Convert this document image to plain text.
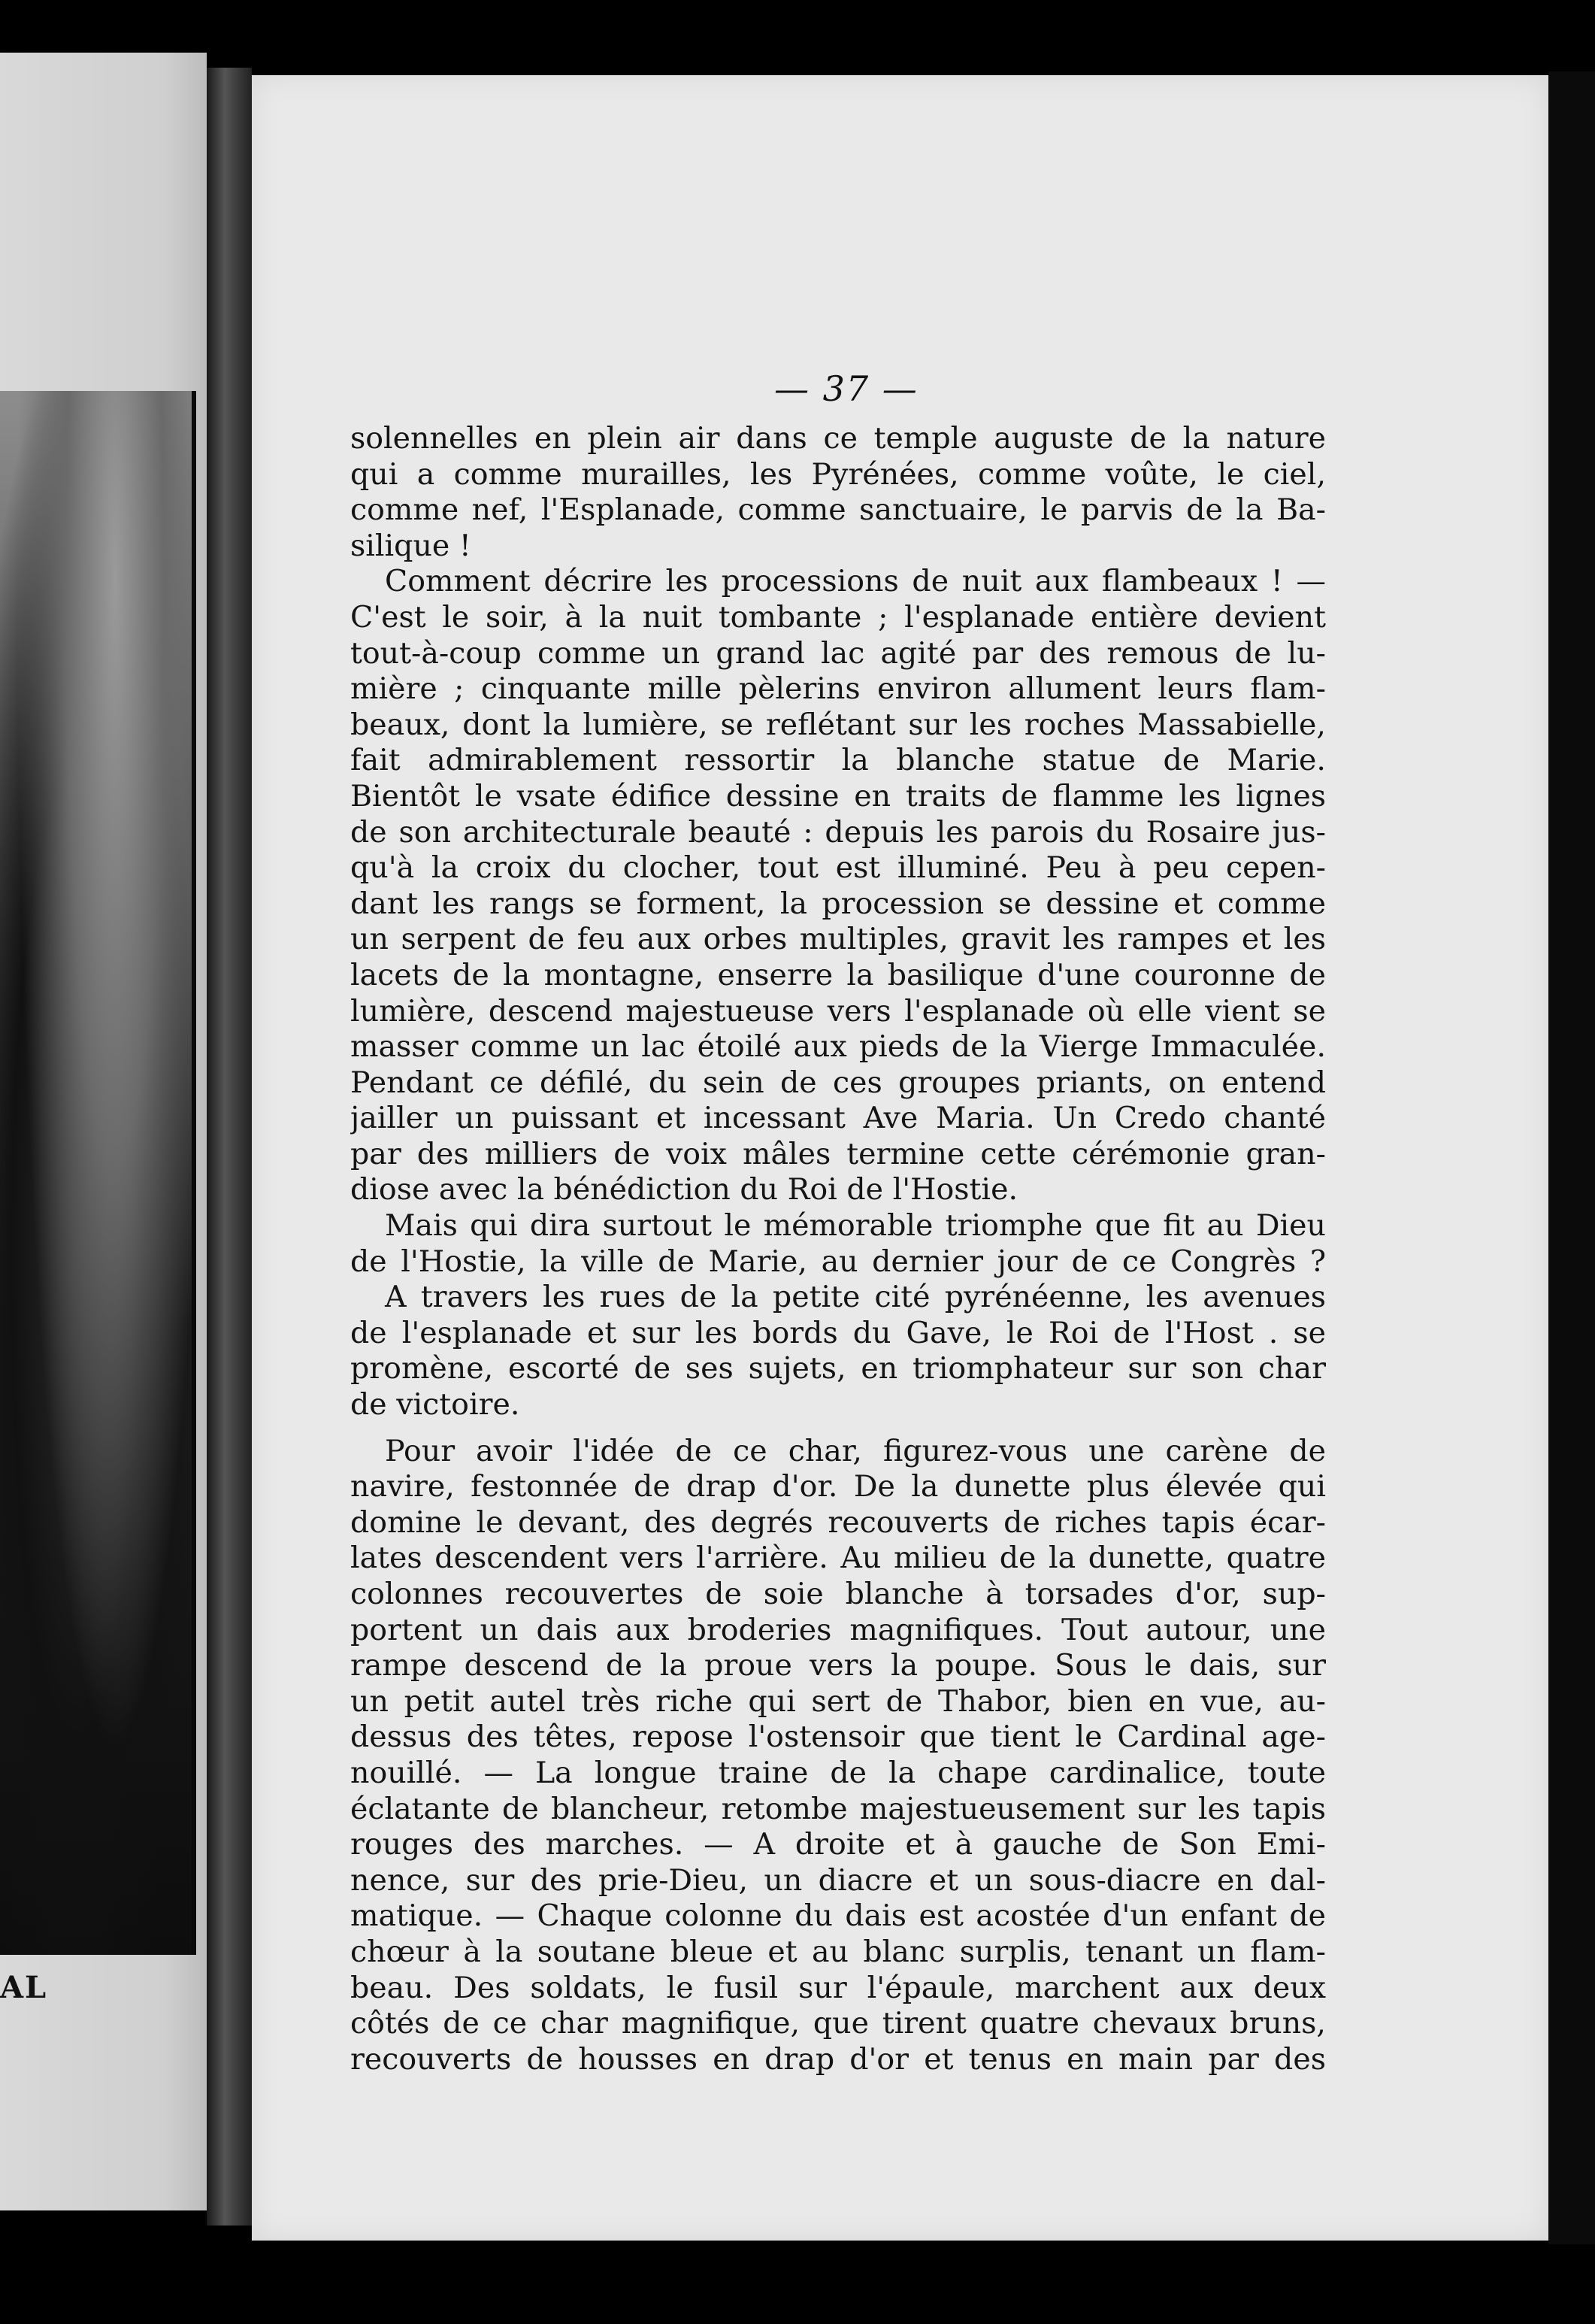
AL
— 37 —
solennelles en plein air dans ce temple auguste de la nature
qui a comme murailles, les Pyrénées, comme voûte, le ciel,
comme nef, l'Esplanade, comme sanctuaire, le parvis de la Ba-
silique !
Comment décrire les processions de nuit aux flambeaux ! —
C'est le soir, à la nuit tombante ; l'esplanade entière devient
tout-à-coup comme un grand lac agité par des remous de lu-
mière ; cinquante mille pèlerins environ allument leurs flam-
beaux, dont la lumière, se reflétant sur les roches Massabielle,
fait admirablement ressortir la blanche statue de Marie.
Bientôt le vsate édifice dessine en traits de flamme les lignes
de son architecturale beauté : depuis les parois du Rosaire jus-
qu'à la croix du clocher, tout est illuminé. Peu à peu cepen-
dant les rangs se forment, la procession se dessine et comme
un serpent de feu aux orbes multiples, gravit les rampes et les
lacets de la montagne, enserre la basilique d'une couronne de
lumière, descend majestueuse vers l'esplanade où elle vient se
masser comme un lac étoilé aux pieds de la Vierge Immaculée.
Pendant ce défilé, du sein de ces groupes priants, on entend
jailler un puissant et incessant Ave Maria. Un Credo chanté
par des milliers de voix mâles termine cette cérémonie gran-
diose avec la bénédiction du Roi de l'Hostie.
Mais qui dira surtout le mémorable triomphe que fit au Dieu
de l'Hostie, la ville de Marie, au dernier jour de ce Congrès ?
A travers les rues de la petite cité pyrénéenne, les avenues
de l'esplanade et sur les bords du Gave, le Roi de l'Host . se
promène, escorté de ses sujets, en triomphateur sur son char
de victoire.
Pour avoir l'idée de ce char, figurez-vous une carène de
navire, festonnée de drap d'or. De la dunette plus élevée qui
domine le devant, des degrés recouverts de riches tapis écar-
lates descendent vers l'arrière. Au milieu de la dunette, quatre
colonnes recouvertes de soie blanche à torsades d'or, sup-
portent un dais aux broderies magnifiques. Tout autour, une
rampe descend de la proue vers la poupe. Sous le dais, sur
un petit autel très riche qui sert de Thabor, bien en vue, au-
dessus des têtes, repose l'ostensoir que tient le Cardinal age-
nouillé. — La longue traine de la chape cardinalice, toute
éclatante de blancheur, retombe majestueusement sur les tapis
rouges des marches. — A droite et à gauche de Son Emi-
nence, sur des prie-Dieu, un diacre et un sous-diacre en dal-
matique. — Chaque colonne du dais est acostée d'un enfant de
chœur à la soutane bleue et au blanc surplis, tenant un flam-
beau. Des soldats, le fusil sur l'épaule, marchent aux deux
côtés de ce char magnifique, que tirent quatre chevaux bruns,
recouverts de housses en drap d'or et tenus en main par des
